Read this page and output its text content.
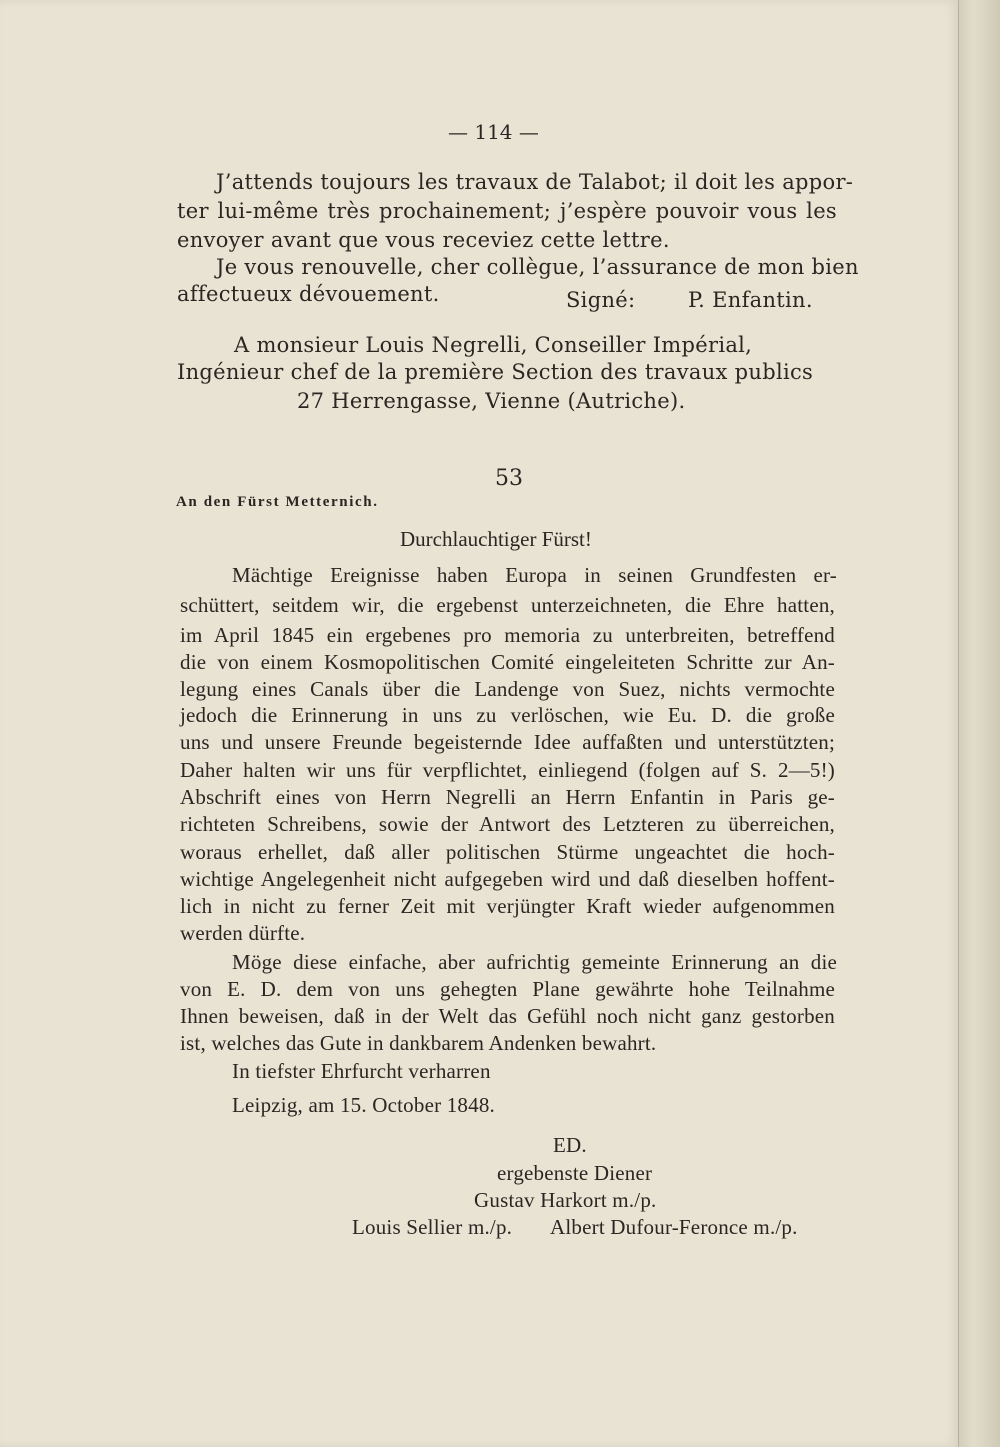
— 114 —

J’attends toujours les travaux de Talabot; il doit les appor-

ter lui-même très prochainement; j’espère pouvoir vous les

envoyer avant que vous receviez cette lettre.

Je vous renouvelle, cher collègue, l’assurance de mon bien

affectueux dévouement.	Signé:	P. Enfantin.

A monsieur Louis Negrelli, Conseiller Impérial,

Ingénieur chef de la première Section des travaux publics

27 Herrengasse, Vienne (Autriche).

53
An den Fürst Metternich.
Durchlauchtiger Fürst!

Mächtige Ereignisse haben Europa in seinen Grundfesten er-

schüttert, seitdem wir, die ergebenst unterzeichneten, die Ehre hatten,

im April 1845 ein ergebenes pro memoria zu unterbreiten, betreffend

die von einem Kosmopolitischen Comité eingeleiteten Schritte zur An-

legung eines Canals über die Landenge von Suez, nichts vermochte

jedoch die Erinnerung in uns zu verlöschen, wie Eu. D. die große

uns und unsere Freunde begeisternde Idee auffaßten und unterstützten;

Daher halten wir uns für verpflichtet, einliegend (folgen auf S. 2—5!)

Abschrift eines von Herrn Negrelli an Herrn Enfantin in Paris ge-

richteten Schreibens, sowie der Antwort des Letzteren zu überreichen,

woraus erhellet, daß aller politischen Stürme ungeachtet die hoch-

wichtige Angelegenheit nicht aufgegeben wird und daß dieselben hoffent-

lich in nicht zu ferner Zeit mit verjüngter Kraft wieder aufgenommen

werden dürfte.

Möge diese einfache, aber aufrichtig gemeinte Erinnerung an die

von E. D. dem von uns gehegten Plane gewährte hohe Teilnahme

Ihnen beweisen, daß in der Welt das Gefühl noch nicht ganz gestorben

ist, welches das Gute in dankbarem Andenken bewahrt.

In tiefster Ehrfurcht verharren

Leipzig, am 15. October 1848.

ED.

ergebenste Diener

Gustav Harkort m./p.

Louis Sellier m./p. Albert Dufour-Feronce m./p.
